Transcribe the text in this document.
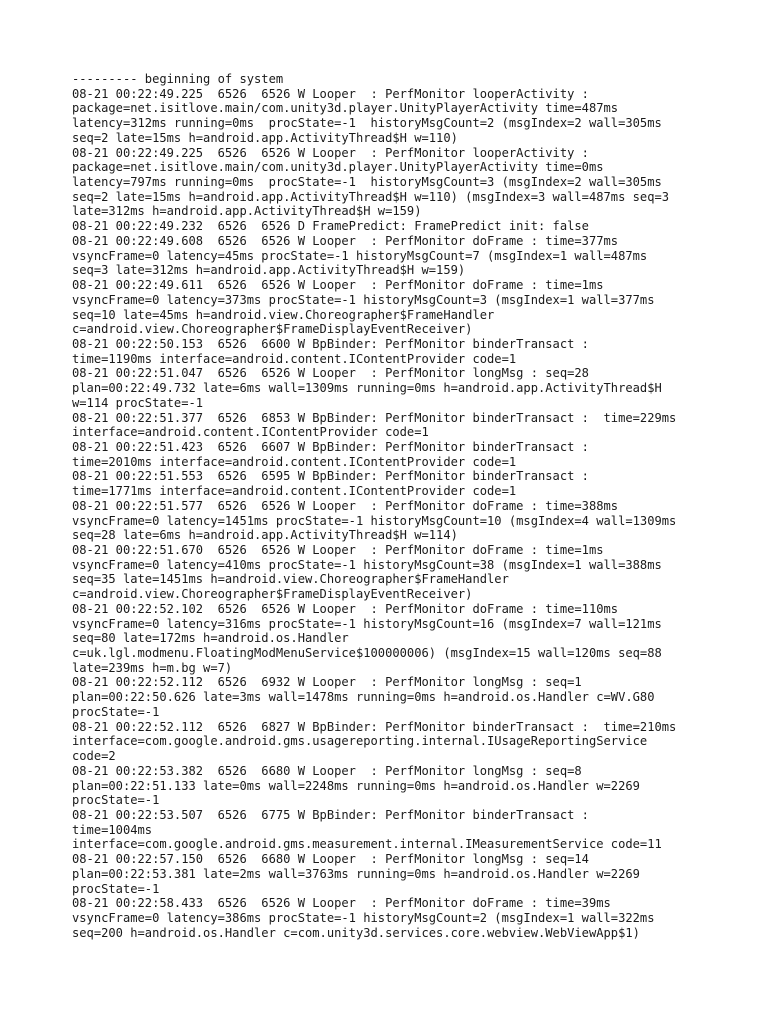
--------- beginning of system
08-21 00:22:49.225  6526  6526 W Looper  : PerfMonitor looperActivity :
package=net.isitlove.main/com.unity3d.player.UnityPlayerActivity time=487ms
latency=312ms running=0ms  procState=-1  historyMsgCount=2 (msgIndex=2 wall=305ms
seq=2 late=15ms h=android.app.ActivityThread$H w=110)
08-21 00:22:49.225  6526  6526 W Looper  : PerfMonitor looperActivity :
package=net.isitlove.main/com.unity3d.player.UnityPlayerActivity time=0ms
latency=797ms running=0ms  procState=-1  historyMsgCount=3 (msgIndex=2 wall=305ms
seq=2 late=15ms h=android.app.ActivityThread$H w=110) (msgIndex=3 wall=487ms seq=3
late=312ms h=android.app.ActivityThread$H w=159)
08-21 00:22:49.232  6526  6526 D FramePredict: FramePredict init: false
08-21 00:22:49.608  6526  6526 W Looper  : PerfMonitor doFrame : time=377ms
vsyncFrame=0 latency=45ms procState=-1 historyMsgCount=7 (msgIndex=1 wall=487ms
seq=3 late=312ms h=android.app.ActivityThread$H w=159)
08-21 00:22:49.611  6526  6526 W Looper  : PerfMonitor doFrame : time=1ms
vsyncFrame=0 latency=373ms procState=-1 historyMsgCount=3 (msgIndex=1 wall=377ms
seq=10 late=45ms h=android.view.Choreographer$FrameHandler
c=android.view.Choreographer$FrameDisplayEventReceiver)
08-21 00:22:50.153  6526  6600 W BpBinder: PerfMonitor binderTransact :
time=1190ms interface=android.content.IContentProvider code=1
08-21 00:22:51.047  6526  6526 W Looper  : PerfMonitor longMsg : seq=28
plan=00:22:49.732 late=6ms wall=1309ms running=0ms h=android.app.ActivityThread$H
w=114 procState=-1
08-21 00:22:51.377  6526  6853 W BpBinder: PerfMonitor binderTransact :  time=229ms
interface=android.content.IContentProvider code=1
08-21 00:22:51.423  6526  6607 W BpBinder: PerfMonitor binderTransact :
time=2010ms interface=android.content.IContentProvider code=1
08-21 00:22:51.553  6526  6595 W BpBinder: PerfMonitor binderTransact :
time=1771ms interface=android.content.IContentProvider code=1
08-21 00:22:51.577  6526  6526 W Looper  : PerfMonitor doFrame : time=388ms
vsyncFrame=0 latency=1451ms procState=-1 historyMsgCount=10 (msgIndex=4 wall=1309ms
seq=28 late=6ms h=android.app.ActivityThread$H w=114)
08-21 00:22:51.670  6526  6526 W Looper  : PerfMonitor doFrame : time=1ms
vsyncFrame=0 latency=410ms procState=-1 historyMsgCount=38 (msgIndex=1 wall=388ms
seq=35 late=1451ms h=android.view.Choreographer$FrameHandler
c=android.view.Choreographer$FrameDisplayEventReceiver)
08-21 00:22:52.102  6526  6526 W Looper  : PerfMonitor doFrame : time=110ms
vsyncFrame=0 latency=316ms procState=-1 historyMsgCount=16 (msgIndex=7 wall=121ms
seq=80 late=172ms h=android.os.Handler
c=uk.lgl.modmenu.FloatingModMenuService$100000006) (msgIndex=15 wall=120ms seq=88
late=239ms h=m.bg w=7)
08-21 00:22:52.112  6526  6932 W Looper  : PerfMonitor longMsg : seq=1
plan=00:22:50.626 late=3ms wall=1478ms running=0ms h=android.os.Handler c=WV.G80
procState=-1
08-21 00:22:52.112  6526  6827 W BpBinder: PerfMonitor binderTransact :  time=210ms
interface=com.google.android.gms.usagereporting.internal.IUsageReportingService
code=2
08-21 00:22:53.382  6526  6680 W Looper  : PerfMonitor longMsg : seq=8
plan=00:22:51.133 late=0ms wall=2248ms running=0ms h=android.os.Handler w=2269
procState=-1
08-21 00:22:53.507  6526  6775 W BpBinder: PerfMonitor binderTransact :
time=1004ms
interface=com.google.android.gms.measurement.internal.IMeasurementService code=11
08-21 00:22:57.150  6526  6680 W Looper  : PerfMonitor longMsg : seq=14
plan=00:22:53.381 late=2ms wall=3763ms running=0ms h=android.os.Handler w=2269
procState=-1
08-21 00:22:58.433  6526  6526 W Looper  : PerfMonitor doFrame : time=39ms
vsyncFrame=0 latency=386ms procState=-1 historyMsgCount=2 (msgIndex=1 wall=322ms
seq=200 h=android.os.Handler c=com.unity3d.services.core.webview.WebViewApp$1)
